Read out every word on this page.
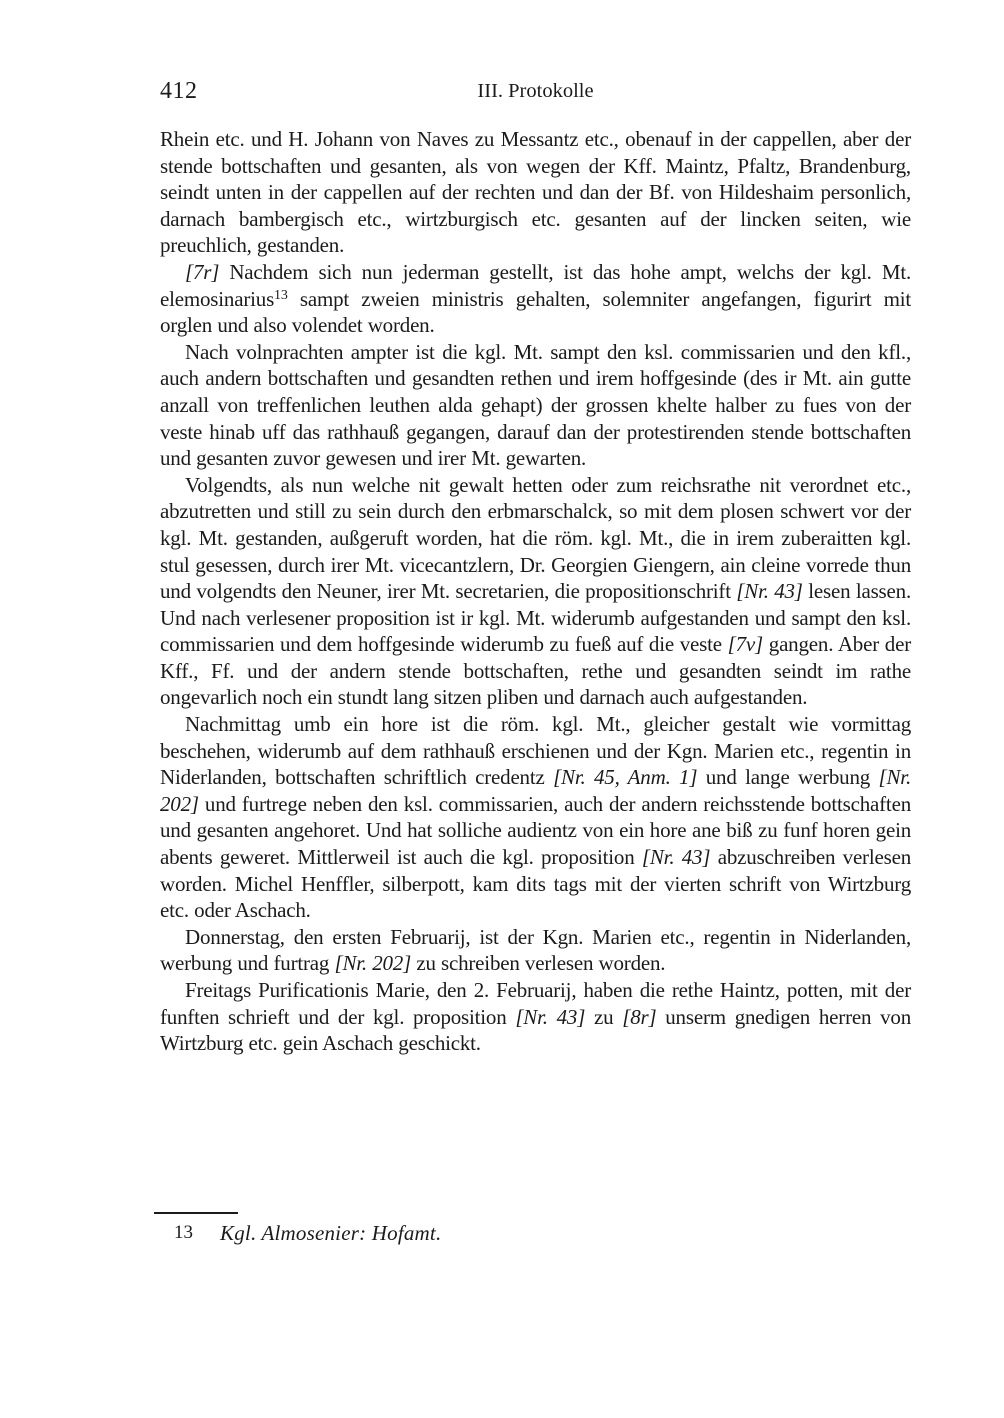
412	III. Protokolle

Rhein etc. und H. Johann von Naves zu Messantz etc., obenauf in der cappellen, aber der stende bottschaften und gesanten, als von wegen der Kff. Maintz, Pfaltz, Brandenburg, seindt unten in der cappellen auf der rechten und dan der Bf. von Hildeshaim personlich, darnach bambergisch etc., wirtzburgisch etc. gesanten auf der lincken seiten, wie preuchlich, gestanden.

[7r] Nachdem sich nun jederman gestellt, ist das hohe ampt, welchs der kgl. Mt. elemosinarius$^{13}$ sampt zweien ministris gehalten, solemniter angefangen, figurirt mit orglen und also volendet worden.

Nach volnprachten ampter ist die kgl. Mt. sampt den ksl. commissarien und den kfl., auch andern bottschaften und gesandten rethen und irem hoffgesinde (des ir Mt. ain gutte anzall von treffenlichen leuthen alda gehapt) der grossen khelte halber zu fues von der veste hinab uff das rathhauß gegangen, darauf dan der protestirenden stende bottschaften und gesanten zuvor gewesen und irer Mt. gewarten.

Volgendts, als nun welche nit gewalt hetten oder zum reichsrathe nit verordnet etc., abzutretten und still zu sein durch den erbmarschalck, so mit dem plosen schwert vor der kgl. Mt. gestanden, außgeruft worden, hat die röm. kgl. Mt., die in irem zuberaitten kgl. stul gesessen, durch irer Mt. vicecantzlern, Dr. Georgien Giengern, ain cleine vorrede thun und volgendts den Neuner, irer Mt. secretarien, die propositionschrift [Nr. 43] lesen lassen. Und nach verlesener proposition ist ir kgl. Mt. widerumb aufgestanden und sampt den ksl. commissarien und dem hoffgesinde widerumb zu fueß auf die veste [7v] gangen. Aber der Kff., Ff. und der andern stende bottschaften, rethe und gesandten seindt im rathe ongevarlich noch ein stundt lang sitzen pliben und darnach auch aufgestanden.

Nachmittag umb ein hore ist die röm. kgl. Mt., gleicher gestalt wie vormittag beschehen, widerumb auf dem rathhauß erschienen und der Kgn. Marien etc., regentin in Niderlanden, bottschaften schriftlich credentz [Nr. 45, Anm. 1] und lange werbung [Nr. 202] und furtrege neben den ksl. commissarien, auch der andern reichsstende bottschaften und gesanten angehoret. Und hat solliche audientz von ein hore ane biß zu funf horen gein abents geweret. Mittlerweil ist auch die kgl. proposition [Nr. 43] abzuschreiben verlesen worden. Michel Henffler, silberpott, kam dits tags mit der vierten schrift von Wirtzburg etc. oder Aschach.

Donnerstag, den ersten Februarij, ist der Kgn. Marien etc., regentin in Niderlanden, werbung und furtrag [Nr. 202] zu schreiben verlesen worden.

Freitags Purificationis Marie, den 2. Februarij, haben die rethe Haintz, potten, mit der funften schrieft und der kgl. proposition [Nr. 43] zu [8r] unserm gnedigen herren von Wirtzburg etc. gein Aschach geschickt.

13 Kgl. Almosenier: Hofamt.
